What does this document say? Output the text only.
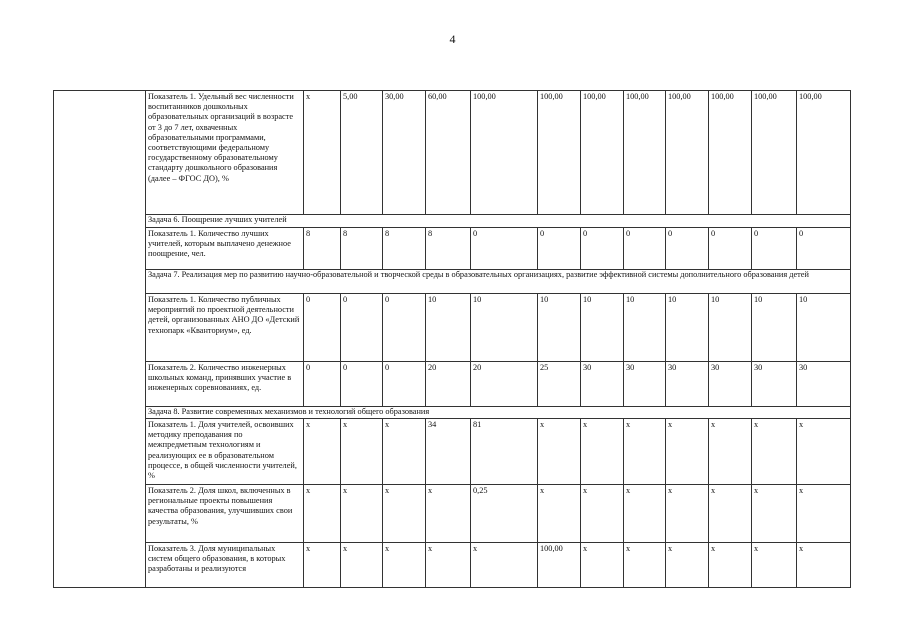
4
	Показатель 1. Удельный вес численности воспитанников дошкольных образовательных организаций в возрасте от 3 до 7 лет, охваченных образовательными программами, соответствующими федеральному государственному образовательному стандарту дошкольного образования (далее – ФГОС ДО), %	x	5,00	30,00	60,00	100,00	100,00	100,00	100,00	100,00	100,00	100,00	100,00
	Задача 6. Поощрение лучших учителей												
	Показатель 1. Количество лучших учителей, которым выплачено денежное поощрение, чел.	8	8	8	8	0	0	0	0	0	0	0	0
	Задача 7. Реализация мер по развитию научно-образовательной и творческой среды в образовательных организациях, развитие эффективной системы дополнительного образования детей												
	Показатель 1. Количество публичных мероприятий по проектной деятельности детей, организованных АНО ДО «Детский технопарк «Кванториум», ед.	0	0	0	10	10	10	10	10	10	10	10	10
	Показатель 2. Количество инженерных школьных команд, принявших участие в инженерных соревнованиях, ед.	0	0	0	20	20	25	30	30	30	30	30	30
	Задача 8. Развитие современных механизмов и технологий общего образования												
	Показатель 1. Доля учителей, освоивших методику преподавания по межпредметным технологиям и реализующих ее в образовательном процессе, в общей численности учителей, %	x	x	x	34	81	x	x	x	x	x	x	x
	Показатель 2. Доля школ, включенных в региональные проекты повышения качества образования, улучшивших свои результаты, %	x	x	x	x	0,25	x	x	x	x	x	x	x
	Показатель 3. Доля муниципальных систем общего образования, в которых разработаны и реализуются	x	x	x	x	x	100,00	x	x	x	x	x	x
